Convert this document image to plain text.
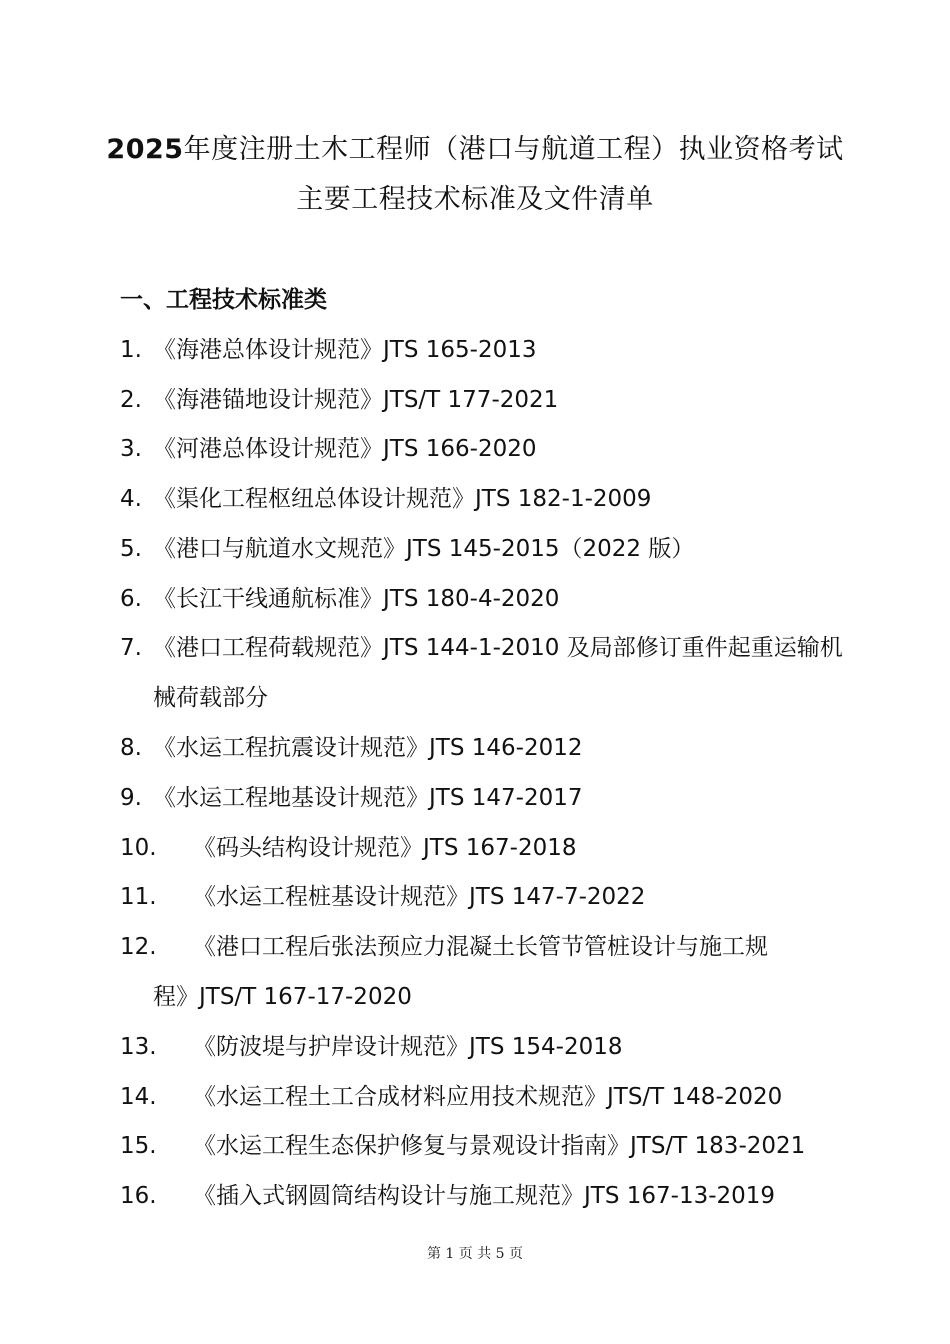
2025年度注册土木工程师（港口与航道工程）执业资格考试
主要工程技术标准及文件清单
一、工程技术标准类
1. 《海港总体设计规范》JTS 165-2013
2. 《海港锚地设计规范》JTS/T 177-2021
3. 《河港总体设计规范》JTS 166-2020
4. 《渠化工程枢纽总体设计规范》JTS 182-1-2009
5. 《港口与航道水文规范》JTS 145-2015（2022 版）
6. 《长江干线通航标准》JTS 180-4-2020
7. 《港口工程荷载规范》JTS 144-1-2010 及局部修订重件起重运输机
械荷载部分
8. 《水运工程抗震设计规范》JTS 146-2012
9. 《水运工程地基设计规范》JTS 147-2017
10. 《码头结构设计规范》JTS 167-2018
11. 《水运工程桩基设计规范》JTS 147-7-2022
12. 《港口工程后张法预应力混凝土长管节管桩设计与施工规
程》JTS/T 167-17-2020
13. 《防波堤与护岸设计规范》JTS 154-2018
14. 《水运工程土工合成材料应用技术规范》JTS/T 148-2020
15. 《水运工程生态保护修复与景观设计指南》JTS/T 183-2021
16. 《插入式钢圆筒结构设计与施工规范》JTS 167-13-2019
第 1 页 共 5 页
